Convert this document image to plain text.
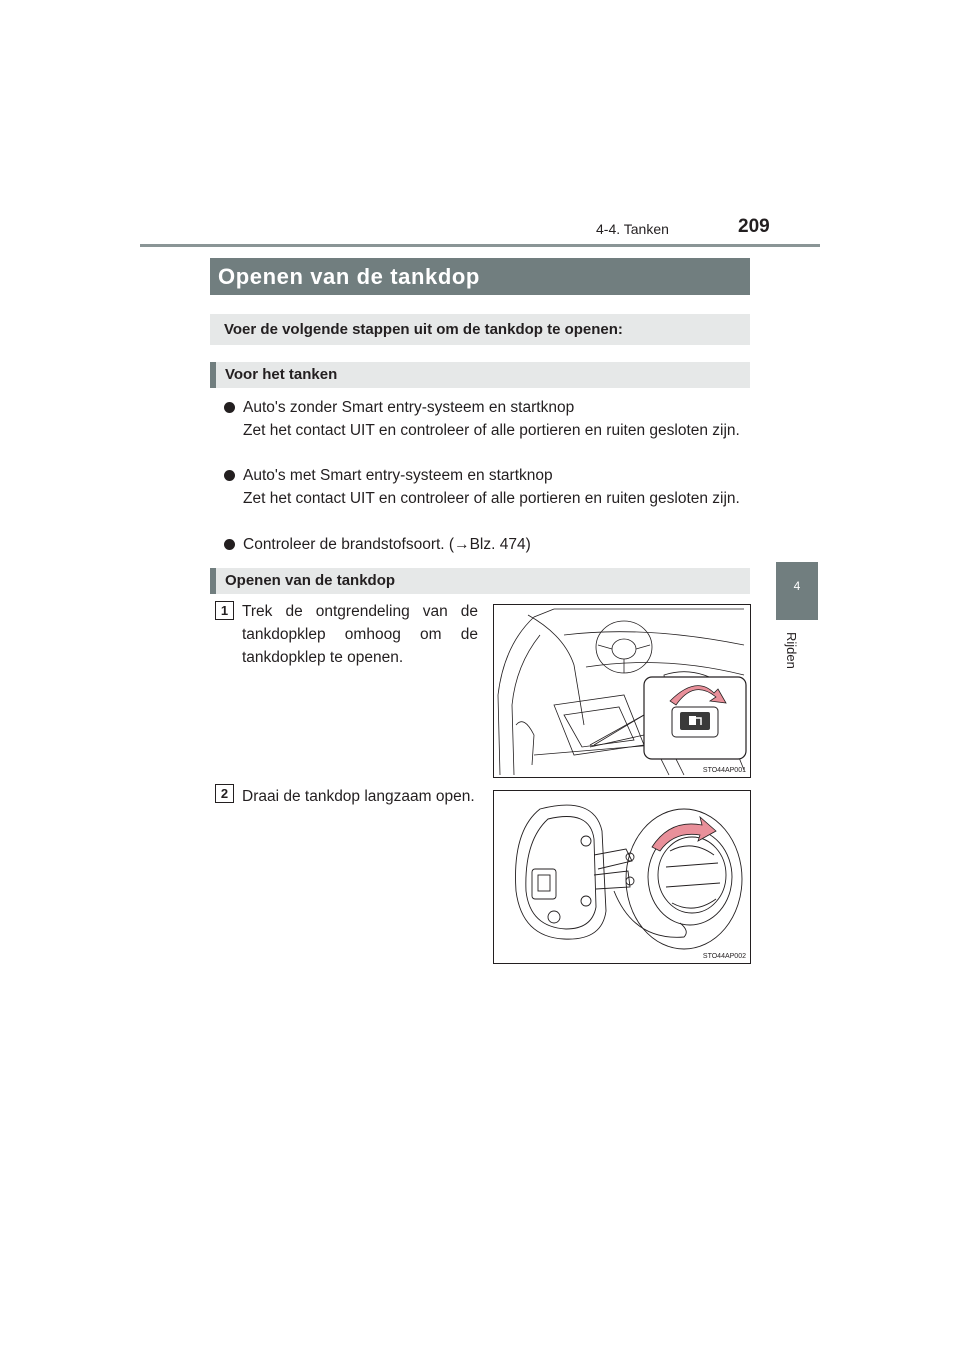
4-4. Tanken	209
4
Rijden
Openen van de tankdop
Voer de volgende stappen uit om de tankdop te openen:
Voor het tanken
Auto's zonder Smart entry-systeem en startknop
Zet het contact UIT en controleer of alle portieren en ruiten gesloten zijn.
Auto's met Smart entry-systeem en startknop
Zet het contact UIT en controleer of alle portieren en ruiten gesloten zijn.
Controleer de brandstofsoort. (→Blz. 474)
Openen van de tankdop
1 Trek de ontgrendeling van de tankdopklep omhoog om de tankdopklep te openen.
STO44AP001
2 Draai de tankdop langzaam open.
STO44AP002
